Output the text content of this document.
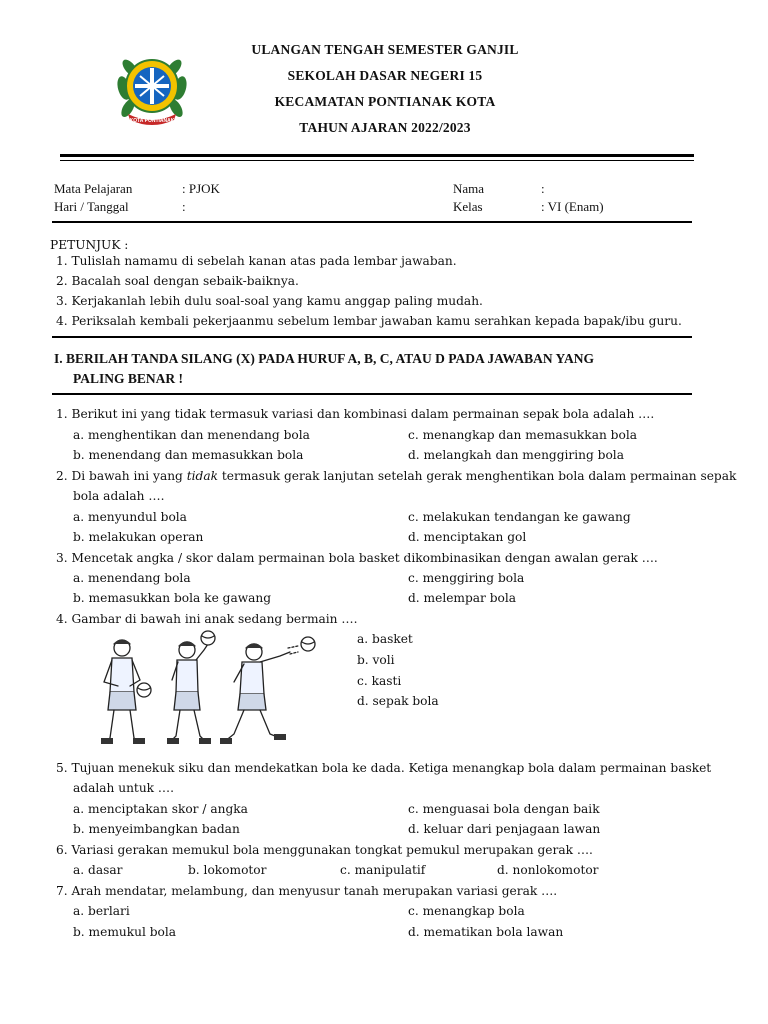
KOTA PONTIANAK
ULANGAN TENGAH SEMESTER GANJIL
SEKOLAH DASAR NEGERI 15
KECAMATAN PONTIANAK KOTA
TAHUN AJARAN 2022/2023
Mata Pelajaran	: PJOK
Hari / Tanggal	:
Nama	:
Kelas	: VI (Enam)
PETUNJUK :
1. Tulislah namamu di sebelah kanan atas pada lembar jawaban.
2. Bacalah soal dengan sebaik-baiknya.
3. Kerjakanlah lebih dulu soal-soal yang kamu anggap paling mudah.
4. Periksalah kembali pekerjaanmu sebelum lembar jawaban kamu serahkan kepada bapak/ibu guru.
I. BERILAH TANDA SILANG (X) PADA HURUF A, B, C, ATAU D PADA JAWABAN YANG
PALING BENAR !
1. Berikut ini yang tidak termasuk variasi dan kombinasi dalam permainan sepak bola adalah ….
a. menghentikan dan menendang bola	c. menangkap dan memasukkan bola
b. menendang dan memasukkan bola	d. melangkah dan menggiring bola
2. Di bawah ini yang tidak termasuk gerak lanjutan setelah gerak menghentikan bola dalam permainan sepak
bola adalah ….
a. menyundul bola	c. melakukan tendangan ke gawang
b. melakukan operan	d. menciptakan gol
3. Mencetak angka / skor dalam permainan bola basket dikombinasikan dengan awalan gerak ….
a. menendang bola	c. menggiring bola
b. memasukkan bola ke gawang	d. melempar bola
4. Gambar di bawah ini anak sedang bermain ….
a. basket
b. voli
c. kasti
d. sepak bola
5. Tujuan menekuk siku dan mendekatkan bola ke dada. Ketiga menangkap bola dalam permainan basket
adalah untuk ….
a. menciptakan skor / angka	c. menguasai bola dengan baik
b. menyeimbangkan badan	d. keluar dari penjagaan lawan
6. Variasi gerakan memukul bola menggunakan tongkat pemukul merupakan gerak ….
a. dasar	b. lokomotor	c. manipulatif	d. nonlokomotor
7. Arah mendatar, melambung, dan menyusur tanah merupakan variasi gerak ….
a. berlari	c. menangkap bola
b. memukul bola	d. mematikan bola lawan
